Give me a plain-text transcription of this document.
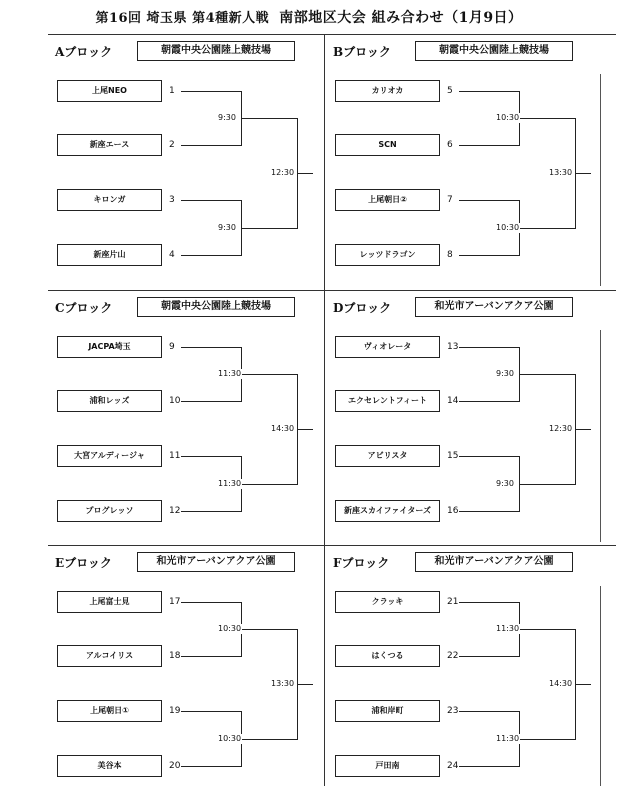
第16回 埼玉県 第4種新人戦 南部地区大会 組み合わせ（1月9日）
Aブロック	朝霞中央公園陸上競技場
上尾NEO	1
新座エース	2
キロンガ	3
新座片山	4
9:30
9:30
12:30
Bブロック	朝霞中央公園陸上競技場
カリオカ	5
SCN	6
上尾朝日②	7
レッツドラゴン	8
10:30
10:30
13:30
Cブロック	朝霞中央公園陸上競技場
JACPA埼玉	9
浦和レッズ	10
大宮アルディージャ	11
プログレッソ	12
11:30
11:30
14:30
Dブロック	和光市アーバンアクア公園
ヴィオレータ	13
エクセレントフィート	14
アビリスタ	15
新座スカイファイターズ	16
9:30
9:30
12:30
Eブロック	和光市アーバンアクア公園
上尾富士見	17
アルコイリス	18
上尾朝日①	19
美谷本	20
10:30
10:30
13:30
Fブロック	和光市アーバンアクア公園
クラッキ	21
はくつる	22
浦和岸町	23
戸田南	24
11:30
11:30
14:30
